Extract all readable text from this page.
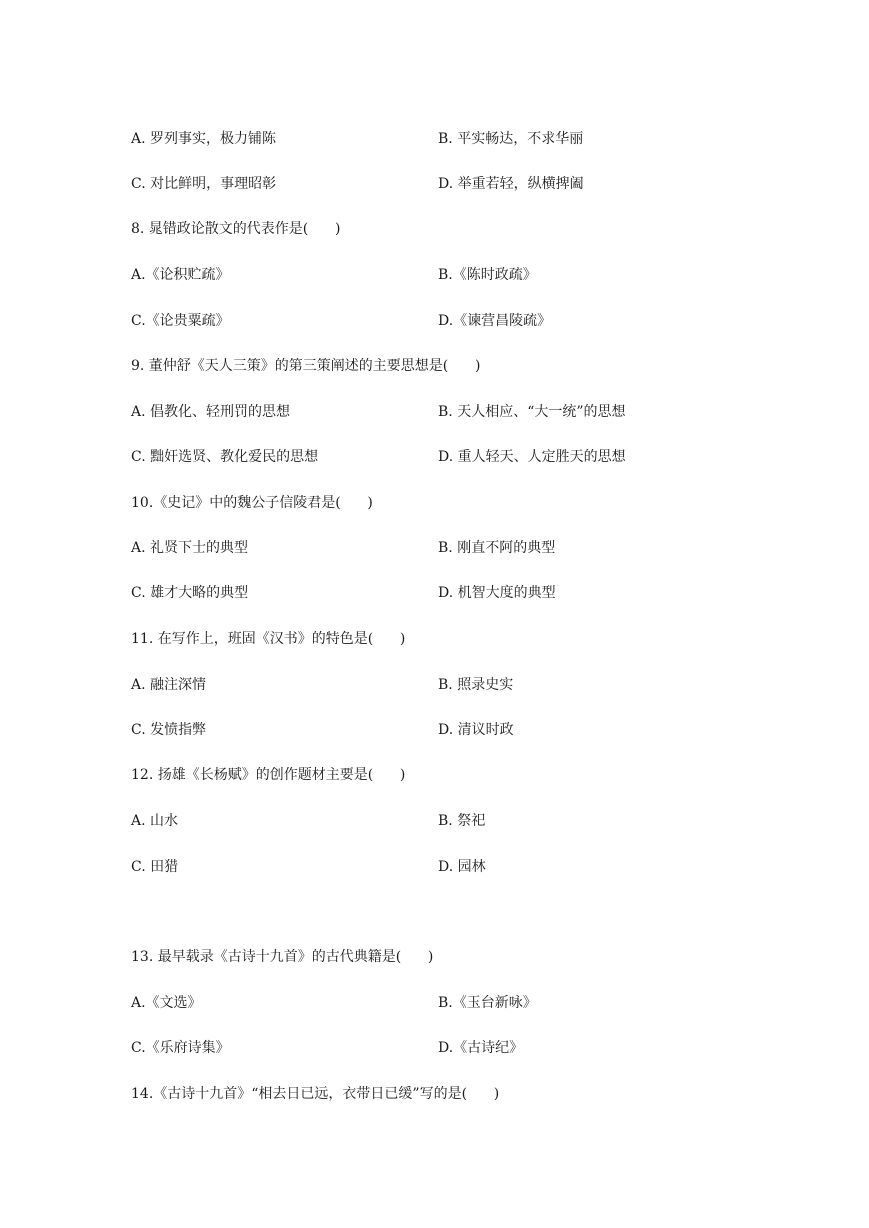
A. 罗列事实，极力铺陈	B. 平实畅达，不求华丽
C. 对比鲜明，事理昭彰	D. 举重若轻，纵横捭阖
8. 晁错政论散文的代表作是(      )
A.《论积贮疏》	B.《陈时政疏》
C.《论贵粟疏》	D.《谏营昌陵疏》
9. 董仲舒《天人三策》的第三策阐述的主要思想是(      )
A. 倡教化、轻刑罚的思想	B. 天人相应、“大一统”的思想
C. 黜奸选贤、教化爱民的思想	D. 重人轻天、人定胜天的思想
10.《史记》中的魏公子信陵君是(      )
A. 礼贤下士的典型	B. 刚直不阿的典型
C. 雄才大略的典型	D. 机智大度的典型
11. 在写作上，班固《汉书》的特色是(      )
A. 融注深情	B. 照录史实
C. 发愤指弊	D. 清议时政
12. 扬雄《长杨赋》的创作题材主要是(      )
A. 山水	B. 祭祀
C. 田猎	D. 园林
13. 最早载录《古诗十九首》的古代典籍是(      )
A.《文选》	B.《玉台新咏》
C.《乐府诗集》	D.《古诗纪》
14.《古诗十九首》“相去日已远，衣带日已缓”写的是(      )
